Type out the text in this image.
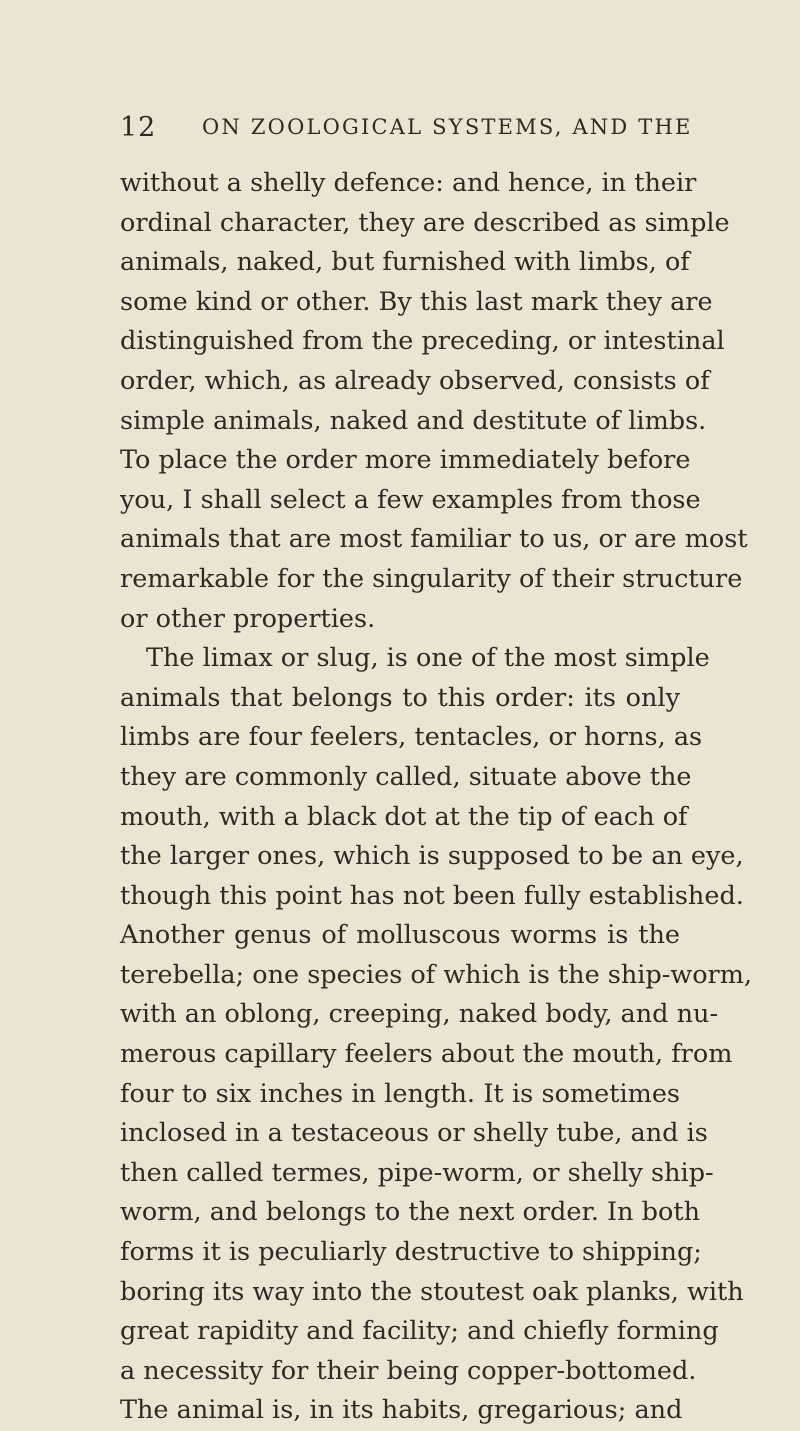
12 ON ZOOLOGICAL SYSTEMS, AND THE
without a shelly defence: and hence, in their
ordinal character, they are described as simple
animals, naked, but furnished with limbs, of
some kind or other. By this last mark they are
distinguished from the preceding, or intestinal
order, which, as already observed, consists of
simple animals, naked and destitute of limbs.
To place the order more immediately before
you, I shall select a few examples from those
animals that are most familiar to us, or are most
remarkable for the singularity of their structure
or other properties.
The limax or slug, is one of the most simple
animals that belongs to this order: its only
limbs are four feelers, tentacles, or horns, as
they are commonly called, situate above the
mouth, with a black dot at the tip of each of
the larger ones, which is supposed to be an eye,
though this point has not been fully established.
Another genus of molluscous worms is the
terebella; one species of which is the ship-worm,
with an oblong, creeping, naked body, and nu-
merous capillary feelers about the mouth, from
four to six inches in length. It is sometimes
inclosed in a testaceous or shelly tube, and is
then called termes, pipe-worm, or shelly ship-
worm, and belongs to the next order. In both
forms it is peculiarly destructive to shipping;
boring its way into the stoutest oak planks, with
great rapidity and facility; and chiefly forming
a necessity for their being copper-bottomed.
The animal is, in its habits, gregarious; and
